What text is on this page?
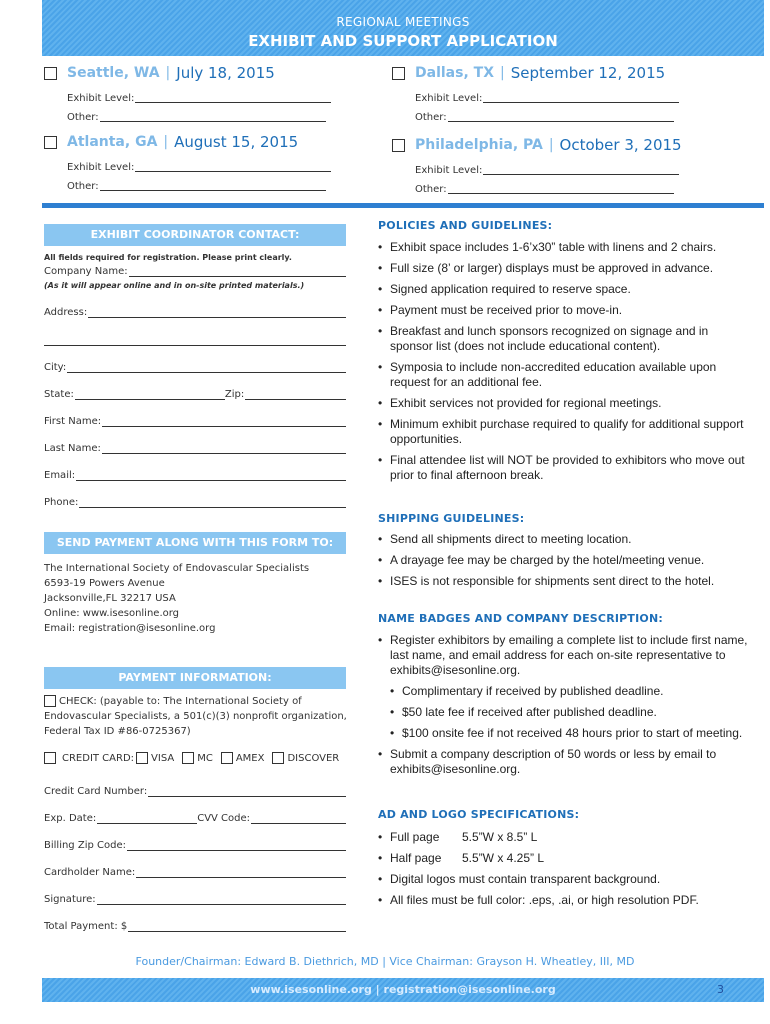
REGIONAL MEETINGS
EXHIBIT AND SUPPORT APPLICATION
Seattle, WA | July 18, 2015
Exhibit Level:
Other:
Dallas, TX | September 12, 2015
Exhibit Level:
Other:
Atlanta, GA | August 15, 2015
Exhibit Level:
Other:
Philadelphia, PA | October 3, 2015
Exhibit Level:
Other:
EXHIBIT COORDINATOR CONTACT:
All fields required for registration. Please print clearly.
Company Name:
(As it will appear online and in on-site printed materials.)
Address:
City:
State:	Zip:
First Name:
Last Name:
Email:
Phone:
SEND PAYMENT ALONG WITH THIS FORM TO:
The International Society of Endovascular Specialists
6593-19 Powers Avenue
Jacksonville,FL 32217 USA
Online: www.isesonline.org
Email: registration@isesonline.org
PAYMENT INFORMATION:
CHECK: (payable to: The International Society of
Endovascular Specialists, a 501(c)(3) nonprofit organization,
Federal Tax ID #86-0725367)
CREDIT CARD: VISA MC AMEX DISCOVER
Credit Card Number:
Exp. Date:	CVV Code:
Billing Zip Code:
Cardholder Name:
Signature:
Total Payment: $
POLICIES AND GUIDELINES:
• Exhibit space includes 1-6’x30” table with linens and 2 chairs.
• Full size (8’ or larger) displays must be approved in advance.
• Signed application required to reserve space.
• Payment must be received prior to move-in.
• Breakfast and lunch sponsors recognized on signage and in sponsor list (does not include educational content).
• Symposia to include non-accredited education available upon request for an additional fee.
• Exhibit services not provided for regional meetings.
• Minimum exhibit purchase required to qualify for additional support opportunities.
• Final attendee list will NOT be provided to exhibitors who move out prior to final afternoon break.
SHIPPING GUIDELINES:
• Send all shipments direct to meeting location.
• A drayage fee may be charged by the hotel/meeting venue.
• ISES is not responsible for shipments sent direct to the hotel.
NAME BADGES AND COMPANY DESCRIPTION:
• Register exhibitors by emailing a complete list to include first name, last name, and email address for each on-site representative to exhibits@isesonline.org.
• Complimentary if received by published deadline.
• $50 late fee if received after published deadline.
• $100 onsite fee if not received 48 hours prior to start of meeting.
• Submit a company description of 50 words or less by email to exhibits@isesonline.org.
AD AND LOGO SPECIFICATIONS:
• Full page 5.5”W x 8.5” L
• Half page 5.5”W x 4.25” L
• Digital logos must contain transparent background.
• All files must be full color: .eps, .ai, or high resolution PDF.
Founder/Chairman: Edward B. Diethrich, MD | Vice Chairman: Grayson H. Wheatley, III, MD
www.isesonline.org | registration@isesonline.org	3
